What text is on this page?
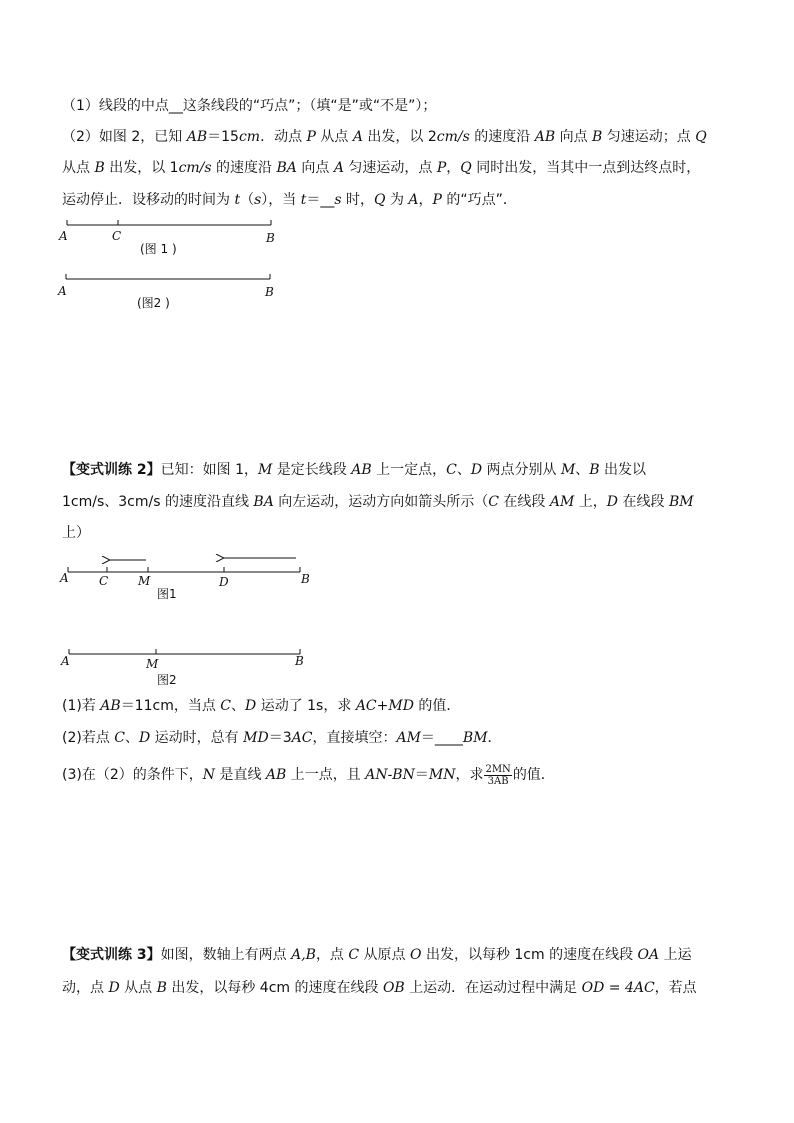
（1）线段的中点__这条线段的“巧点”；（填“是”或“不是”）；
（2）如图 2，已知 AB＝15cm．动点 P 从点 A 出发，以 2cm/s 的速度沿 AB 向点 B 匀速运动；点 Q
从点 B 出发，以 1cm/s 的速度沿 BA 向点 A 匀速运动，点 P，Q 同时出发，当其中一点到达终点时，
运动停止．设移动的时间为 t（s），当 t＝__s 时，Q 为 A，P 的“巧点”．
A	C	B
(图 1 )
A	B
(图2 )
【变式训练 2】已知：如图 1，M 是定长线段 AB 上一定点，C、D 两点分别从 M、B 出发以
1cm/s、3cm/s 的速度沿直线 BA 向左运动，运动方向如箭头所示（C 在线段 AM 上，D 在线段 BM
上）
A	C M	D	B
图1
A	M	B
图2
(1)若 AB＝11cm，当点 C、D 运动了 1s，求 AC+MD 的值．
(2)若点 C、D 运动时，总有 MD＝3AC，直接填空：AM＝____BM．
(3)在（2）的条件下，N 是直线 AB 上一点，且 AN-BN＝MN，求 $\frac{2MN}{3AB}$ 的值．
【变式训练 3】如图，数轴上有两点 A,B，点 C 从原点 O 出发，以每秒 1cm 的速度在线段 OA 上运
动，点 D 从点 B 出发，以每秒 4cm 的速度在线段 OB 上运动．在运动过程中满足 OD = 4AC，若点
